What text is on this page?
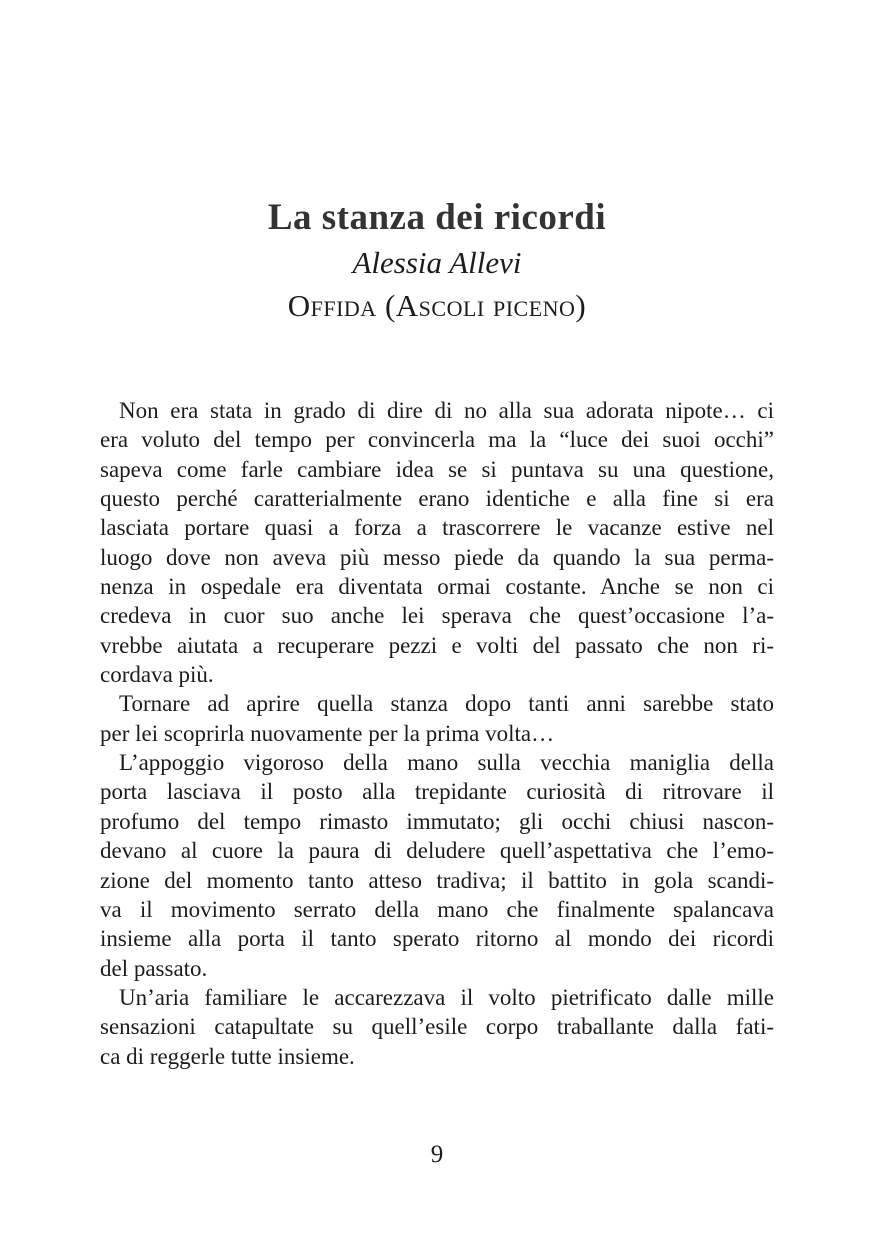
La stanza dei ricordi
Alessia Allevi
Offida (Ascoli piceno)
Non era stata in grado di dire di no alla sua adorata nipote… ci
era voluto del tempo per convincerla ma la “luce dei suoi occhi”
sapeva come farle cambiare idea se si puntava su una questione,
questo perché caratterialmente erano identiche e alla fine si era
lasciata portare quasi a forza a trascorrere le vacanze estive nel
luogo dove non aveva più messo piede da quando la sua perma-
nenza in ospedale era diventata ormai costante. Anche se non ci
credeva in cuor suo anche lei sperava che quest’occasione l’a-
vrebbe aiutata a recuperare pezzi e volti del passato che non ri-
cordava più.
Tornare ad aprire quella stanza dopo tanti anni sarebbe stato
per lei scoprirla nuovamente per la prima volta…
L’appoggio vigoroso della mano sulla vecchia maniglia della
porta lasciava il posto alla trepidante curiosità di ritrovare il
profumo del tempo rimasto immutato; gli occhi chiusi nascon-
devano al cuore la paura di deludere quell’aspettativa che l’emo-
zione del momento tanto atteso tradiva; il battito in gola scandi-
va il movimento serrato della mano che finalmente spalancava
insieme alla porta il tanto sperato ritorno al mondo dei ricordi
del passato.
Un’aria familiare le accarezzava il volto pietrificato dalle mille
sensazioni catapultate su quell’esile corpo traballante dalla fati-
ca di reggerle tutte insieme.
9
